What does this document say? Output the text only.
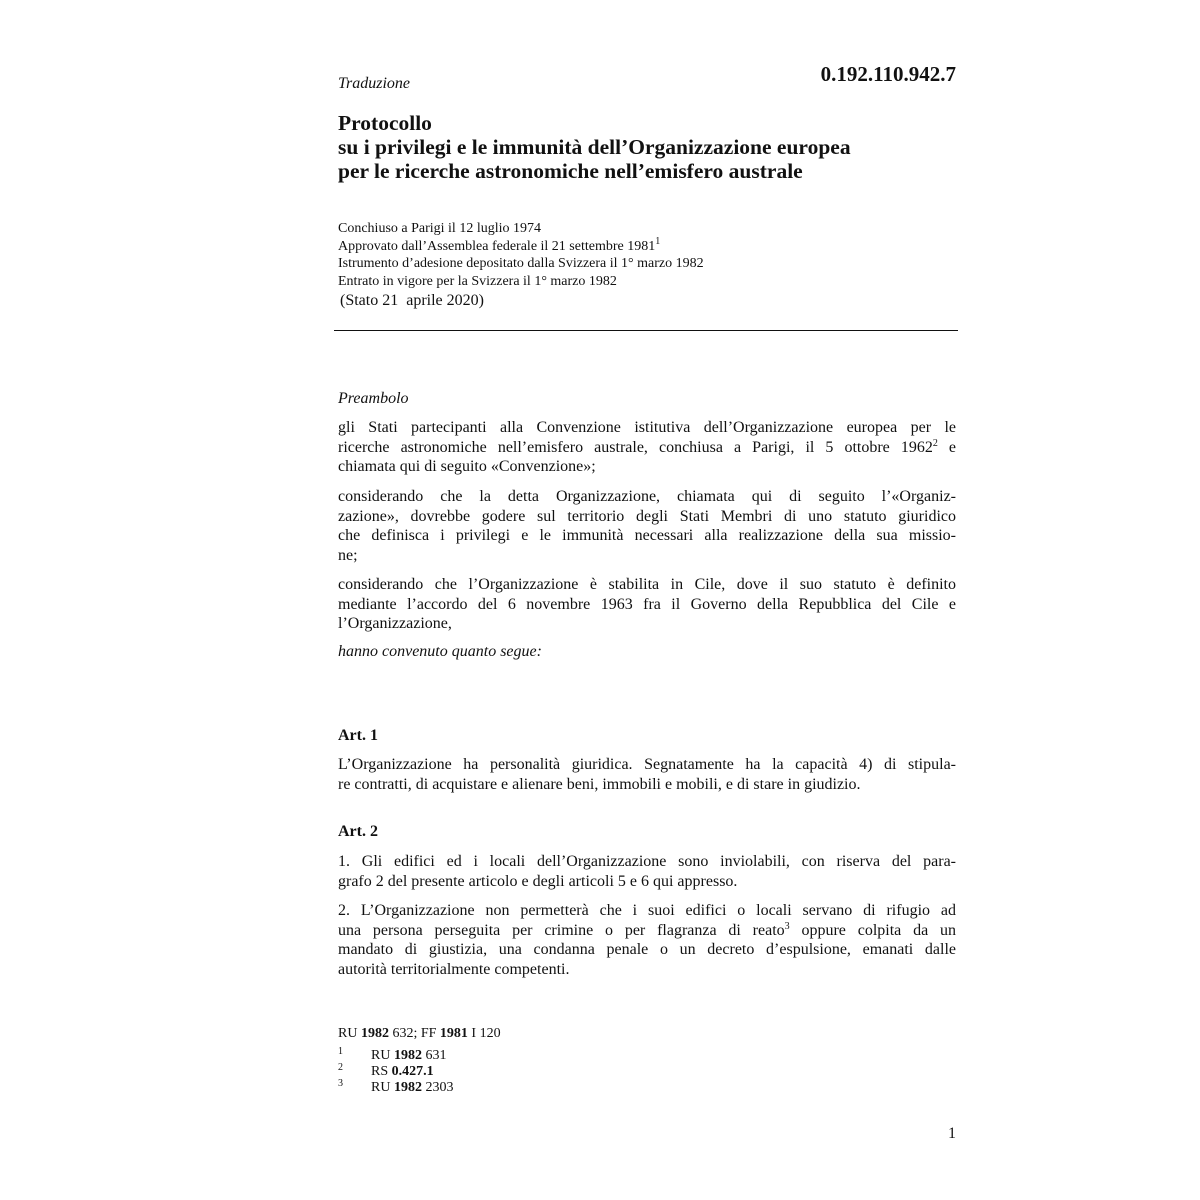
0.192.110.942.7
Traduzione
Protocollo
su i privilegi e le immunità dell’Organizzazione europea
per le ricerche astronomiche nell’emisfero australe
Conchiuso a Parigi il 12 luglio 1974
Approvato dall’Assemblea federale il 21 settembre 1981$^1$
Istrumento d’adesione depositato dalla Svizzera il 1° marzo 1982
Entrato in vigore per la Svizzera il 1° marzo 1982
(Stato 21  aprile 2020)
Preambolo
gli Stati partecipanti alla Convenzione istitutiva dell’Organizzazione europea per le
ricerche astronomiche nell’emisfero australe, conchiusa a Parigi, il 5 ottobre 1962$^2$ e
chiamata qui di seguito «Convenzione»;
considerando che la detta Organizzazione, chiamata qui di seguito l’«Organiz-
zazione», dovrebbe godere sul territorio degli Stati Membri di uno statuto giuridico
che definisca i privilegi e le immunità necessari alla realizzazione della sua missio-
ne;
considerando che l’Organizzazione è stabilita in Cile, dove il suo statuto è definito
mediante l’accordo del 6 novembre 1963 fra il Governo della Repubblica del Cile e
l’Organizzazione,
hanno convenuto quanto segue:
Art. 1
L’Organizzazione ha personalità giuridica. Segnatamente ha la capacità 4) di stipula-
re contratti, di acquistare e alienare beni, immobili e mobili, e di stare in giudizio.
Art. 2
1. Gli edifici ed i locali dell’Organizzazione sono inviolabili, con riserva del para-
grafo 2 del presente articolo e degli articoli 5 e 6 qui appresso.
2. L’Organizzazione non permetterà che i suoi edifici o locali servano di rifugio ad
una persona perseguita per crimine o per flagranza di reato$^3$ oppure colpita da un
mandato di giustizia, una condanna penale o un decreto d’espulsione, emanati dalle
autorità territorialmente competenti.
RU 1982 632; FF 1981 I 120
1 RU 1982 631
2 RS 0.427.1
3 RU 1982 2303
1
